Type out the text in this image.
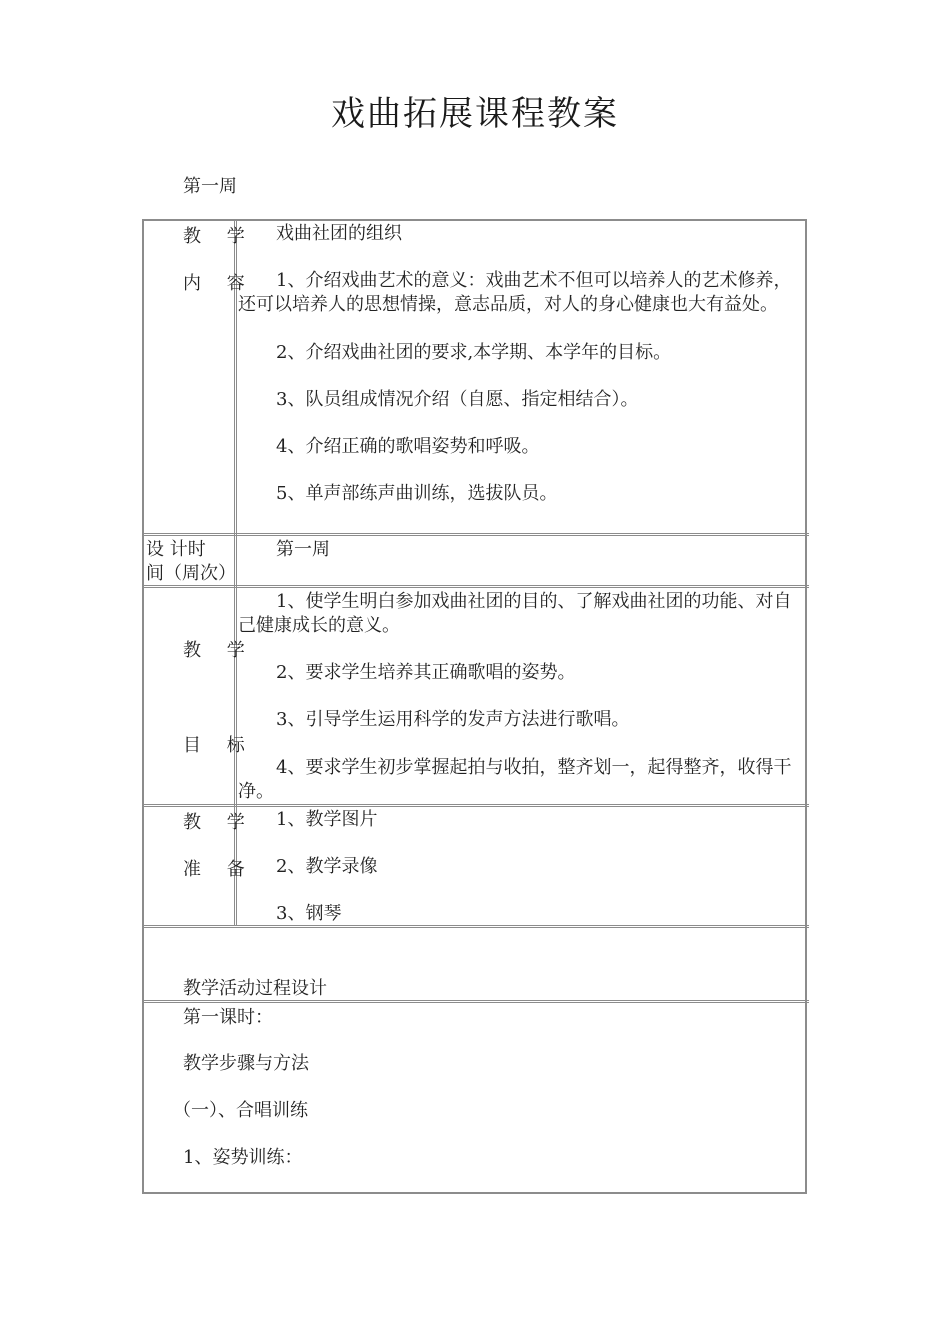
戏曲拓展课程教案
第一周
教 学
内 容
戏曲社团的组织
1、介绍戏曲艺术的意义：戏曲艺术不但可以培养人的艺术修养，还可以培养人的思想情操，意志品质，对人的身心健康也大有益处。
2、介绍戏曲社团的要求,本学期、本学年的目标。
3、队员组成情况介绍（自愿、指定相结合）。
4、介绍正确的歌唱姿势和呼吸。
5、单声部练声曲训练，选拔队员。
设 计时
间（周次）
第一周
教 学
目 标
1、使学生明白参加戏曲社团的目的、了解戏曲社团的功能、对自己健康成长的意义。
2、要求学生培养其正确歌唱的姿势。
3、引导学生运用科学的发声方法进行歌唱。
4、要求学生初步掌握起拍与收拍，整齐划一，起得整齐，收得干净。
教 学
准 备
1、教学图片
2、教学录像
3、钢琴
教学活动过程设计
第一课时：
教学步骤与方法
（一）、合唱训练
1、姿势训练：
